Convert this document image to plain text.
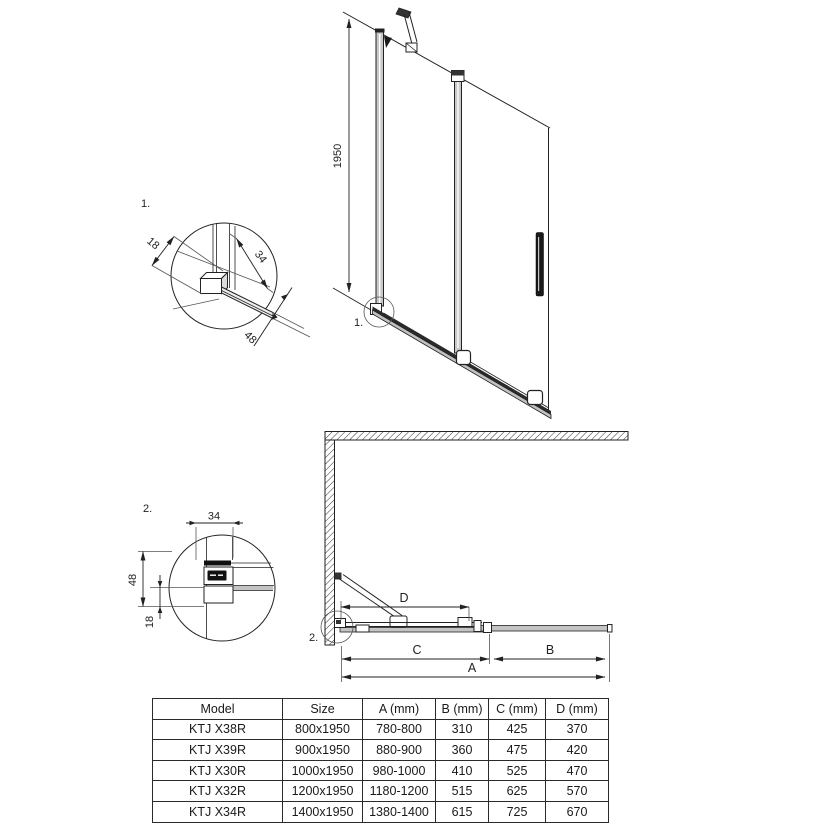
1950
1.
1.
18
34
48
2.
34
48
18
2.
D
C	B
A
Model	Size	A (mm)	B (mm)	C (mm)	D (mm)
KTJ X38R	800x1950	780-800	310	425	370
KTJ X39R	900x1950	880-900	360	475	420
KTJ X30R	1000x1950	980-1000	410	525	470
KTJ X32R	1200x1950	1180-1200	515	625	570
KTJ X34R	1400x1950	1380-1400	615	725	670
